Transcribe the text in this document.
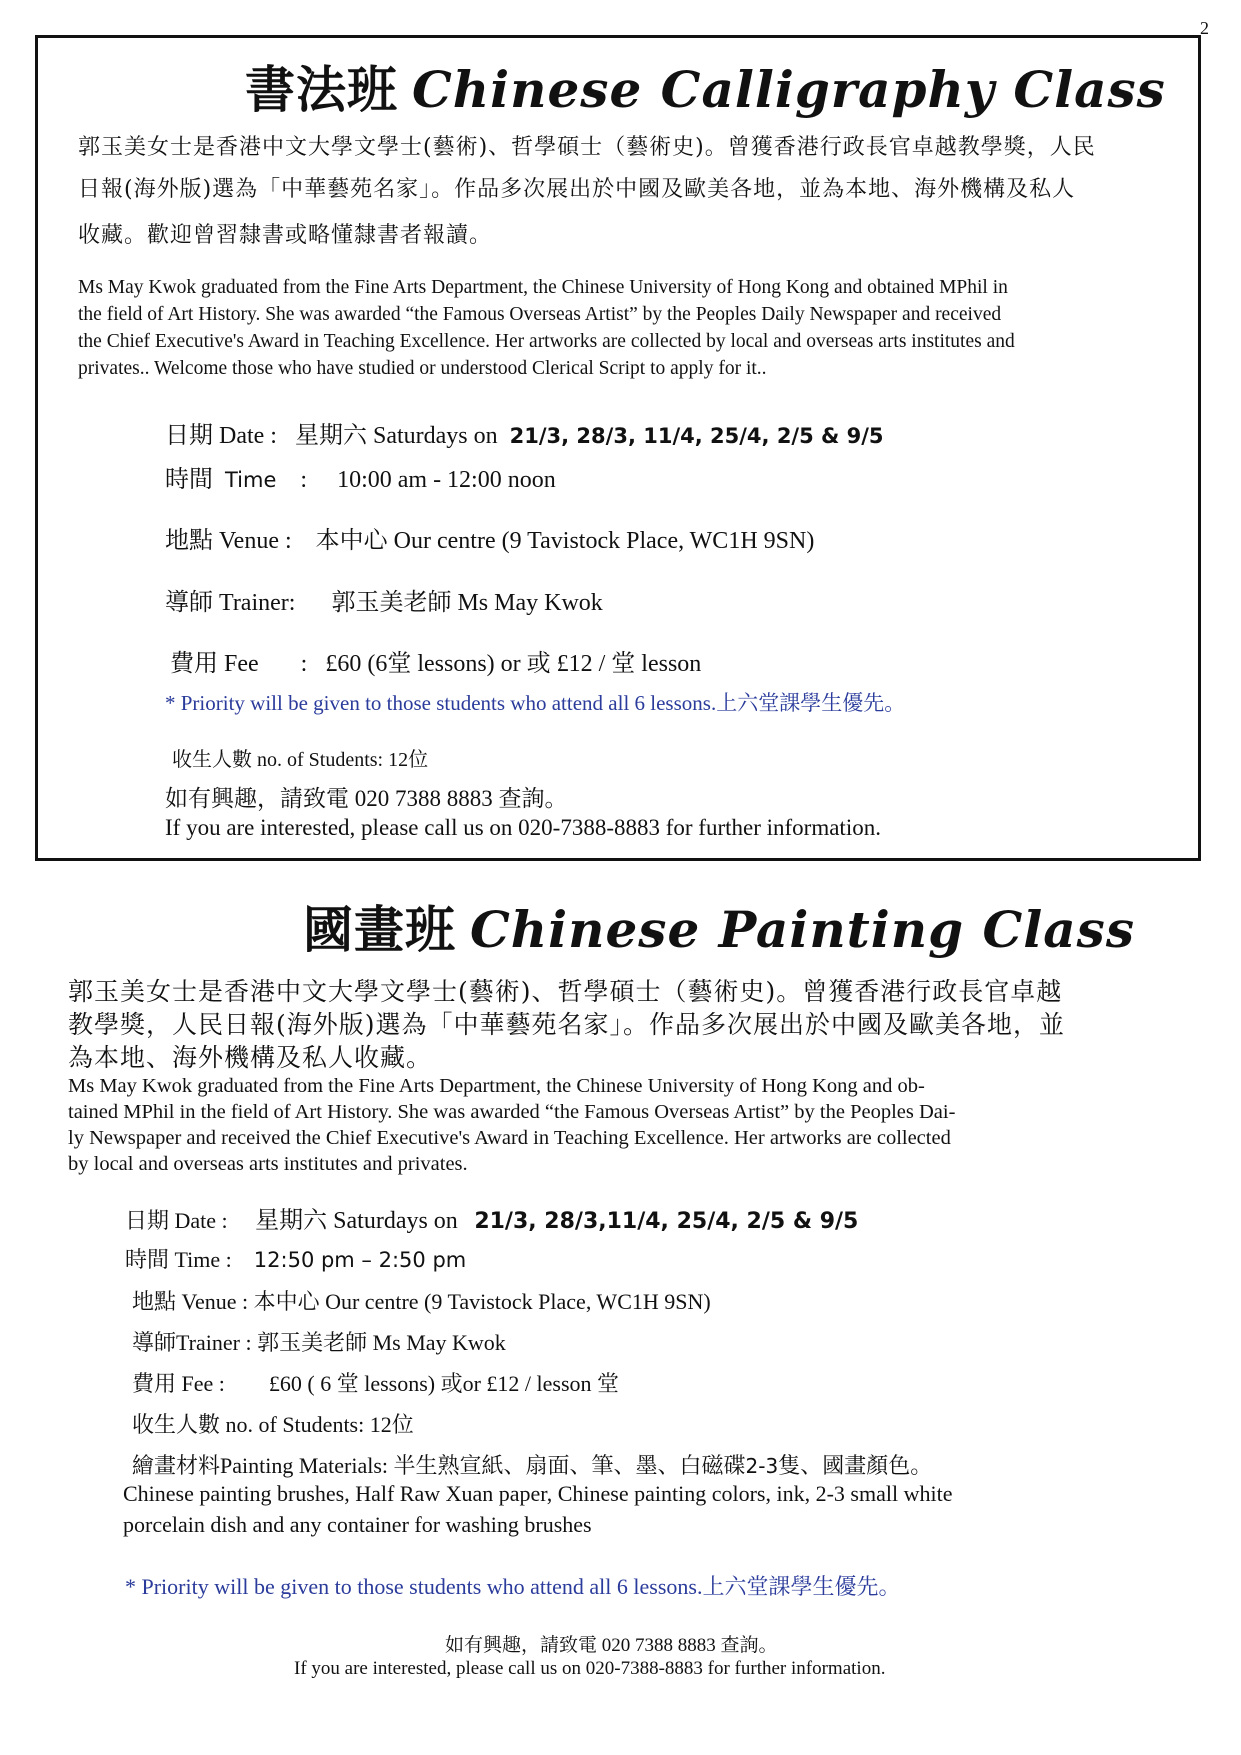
2
書法班 Chinese Calligraphy Class
郭玉美女士是香港中文大學文學士(藝術)、哲學碩士（藝術史)。曾獲香港行政長官卓越教學獎，人民
日報(海外版)選為「中華藝苑名家」。作品多次展出於中國及歐美各地，並為本地、海外機構及私人
收藏。歡迎曾習隸書或略懂隸書者報讀。
Ms May Kwok graduated from the Fine Arts Department, the Chinese University of Hong Kong and obtained MPhil in
the field of Art History. She was awarded “the Famous Overseas Artist” by the Peoples Daily Newspaper and received
the Chief Executive's Award in Teaching Excellence. Her artworks are collected by local and overseas arts institutes and
privates.. Welcome those who have studied or understood Clerical Script to apply for it..
日期 Date : 星期六 Saturdays on 21/3, 28/3, 11/4, 25/4, 2/5 & 9/5
時間 Time : 10:00 am - 12:00 noon
地點 Venue : 本中心 Our centre (9 Tavistock Place, WC1H 9SN)
導師 Trainer: 郭玉美老師 Ms May Kwok
費用 Fee : £60 (6堂 lessons) or 或 £12 / 堂 lesson
* Priority will be given to those students who attend all 6 lessons.上六堂課學生優先。
收生人數 no. of Students: 12位
如有興趣，請致電 020 7388 8883 查詢。
If you are interested, please call us on 020-7388-8883 for further information.
國畫班 Chinese Painting Class
郭玉美女士是香港中文大學文學士(藝術)、哲學碩士（藝術史)。曾獲香港行政長官卓越
教學獎，人民日報(海外版)選為「中華藝苑名家」。作品多次展出於中國及歐美各地，並
為本地、海外機構及私人收藏。
Ms May Kwok graduated from the Fine Arts Department, the Chinese University of Hong Kong and ob-
tained MPhil in the field of Art History. She was awarded “the Famous Overseas Artist” by the Peoples Dai-
ly Newspaper and received the Chief Executive's Award in Teaching Excellence. Her artworks are collected
by local and overseas arts institutes and privates.
日期 Date : 星期六 Saturdays on 21/3, 28/3,11/4, 25/4, 2/5 & 9/5
時間 Time : 12:50 pm – 2:50 pm
地點 Venue : 本中心 Our centre (9 Tavistock Place, WC1H 9SN)
導師Trainer : 郭玉美老師 Ms May Kwok
費用 Fee : £60 ( 6 堂 lessons) 或or £12 / lesson 堂
收生人數 no. of Students: 12位
繪畫材料Painting Materials: 半生熟宣紙、扇面、筆、墨、白磁碟2-3隻、國畫顏色。
Chinese painting brushes, Half Raw Xuan paper, Chinese painting colors, ink, 2-3 small white
porcelain dish and any container for washing brushes
* Priority will be given to those students who attend all 6 lessons.上六堂課學生優先。
如有興趣，請致電 020 7388 8883 查詢。
If you are interested, please call us on 020-7388-8883 for further information.
